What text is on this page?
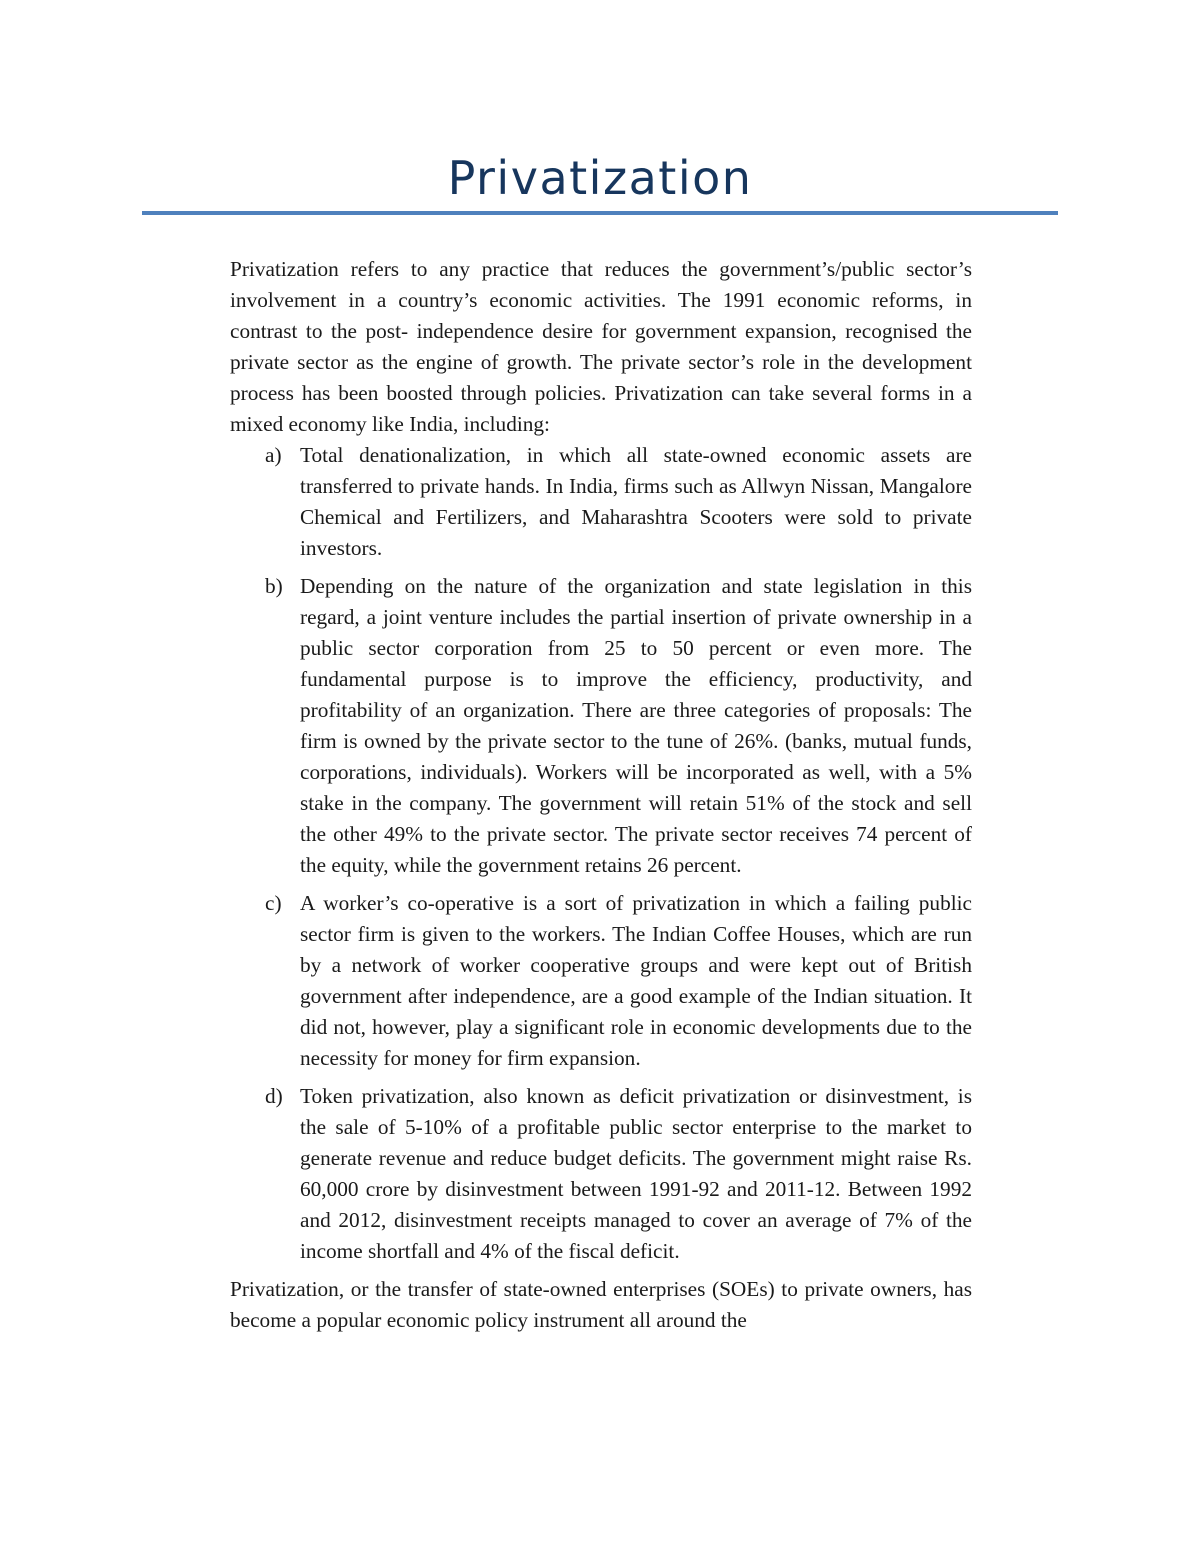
Privatization

Privatization refers to any practice that reduces the government’s/public sector’s involvement in a country’s economic activities. The 1991 economic reforms, in contrast to the post- independence desire for government expansion, recognised the private sector as the engine of growth. The private sector’s role in the development process has been boosted through policies. Privatization can take several forms in a mixed economy like India, including:

a) Total denationalization, in which all state-owned economic assets are transferred to private hands. In India, firms such as Allwyn Nissan, Mangalore Chemical and Fertilizers, and Maharashtra Scooters were sold to private investors.
b) Depending on the nature of the organization and state legislation in this regard, a joint venture includes the partial insertion of private ownership in a public sector corporation from 25 to 50 percent or even more. The fundamental purpose is to improve the efficiency, productivity, and profitability of an organization. There are three categories of proposals: The firm is owned by the private sector to the tune of 26%. (banks, mutual funds, corporations, individuals). Workers will be incorporated as well, with a 5% stake in the company. The government will retain 51% of the stock and sell the other 49% to the private sector. The private sector receives 74 percent of the equity, while the government retains 26 percent.
c) A worker’s co-operative is a sort of privatization in which a failing public sector firm is given to the workers. The Indian Coffee Houses, which are run by a network of worker cooperative groups and were kept out of British government after independence, are a good example of the Indian situation. It did not, however, play a significant role in economic developments due to the necessity for money for firm expansion.
d) Token privatization, also known as deficit privatization or disinvestment, is the sale of 5-10% of a profitable public sector enterprise to the market to generate revenue and reduce budget deficits. The government might raise Rs. 60,000 crore by disinvestment between 1991-92 and 2011-12. Between 1992 and 2012, disinvestment receipts managed to cover an average of 7% of the income shortfall and 4% of the fiscal deficit.

Privatization, or the transfer of state-owned enterprises (SOEs) to private owners, has become a popular economic policy instrument all around the
